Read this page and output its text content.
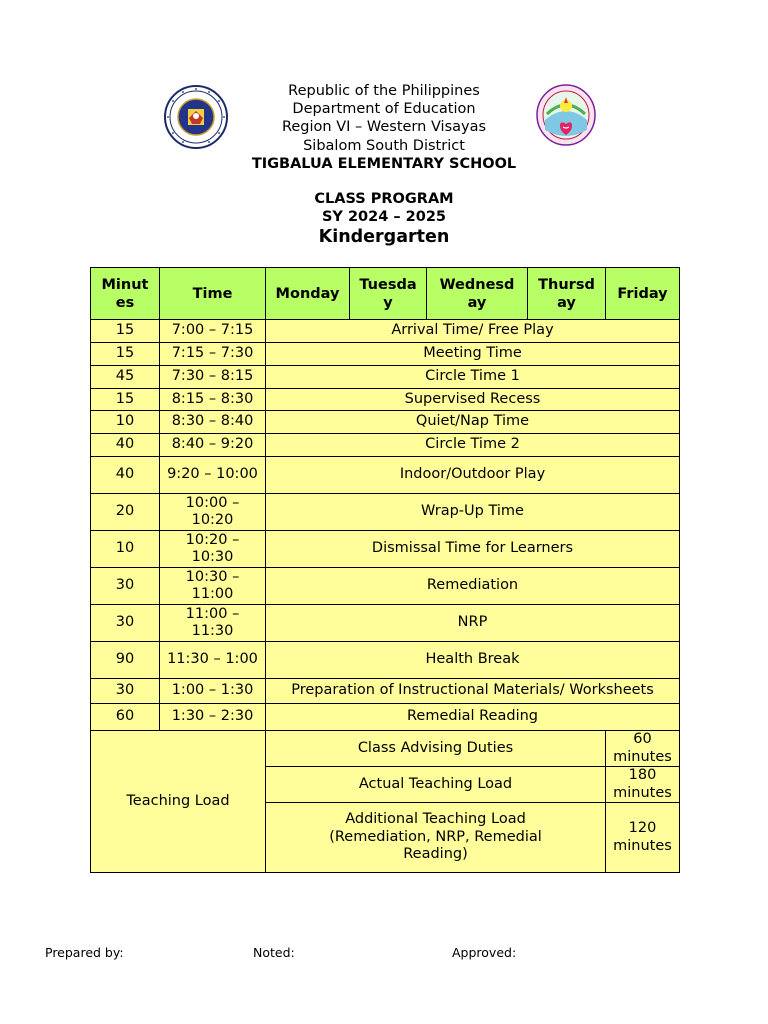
Republic of the Philippines
Department of Education
Region VI – Western Visayas
Sibalom South District
TIGBALUA ELEMENTARY SCHOOL
CLASS PROGRAM
SY 2024 – 2025
Kindergarten
Minut es	Time	Monday	Tuesda y	Wednesd ay	Thursd ay	Friday
15	7:00 – 7:15	Arrival Time/ Free Play				
15	7:15 – 7:30	Meeting Time				
45	7:30 – 8:15	Circle Time 1				
15	8:15 – 8:30	Supervised Recess				
10	8:30 – 8:40	Quiet/Nap Time				
40	8:40 – 9:20	Circle Time 2				
40	9:20 – 10:00	Indoor/Outdoor Play				
20	10:00 – 10:20	Wrap-Up Time				
10	10:20 – 10:30	Dismissal Time for Learners				
30	10:30 – 11:00	Remediation				
30	11:00 – 11:30	NRP				
90	11:30 – 1:00	Health Break				
30	1:00 – 1:30	Preparation of Instructional Materials/ Worksheets				
60	1:30 – 2:30	Remedial Reading				
Teaching Load		Class Advising Duties				60 minutes
		Actual Teaching Load				180 minutes
		Additional Teaching Load (Remediation, NRP, Remedial Reading)				120 minutes
Prepared by:	Noted:	Approved:
